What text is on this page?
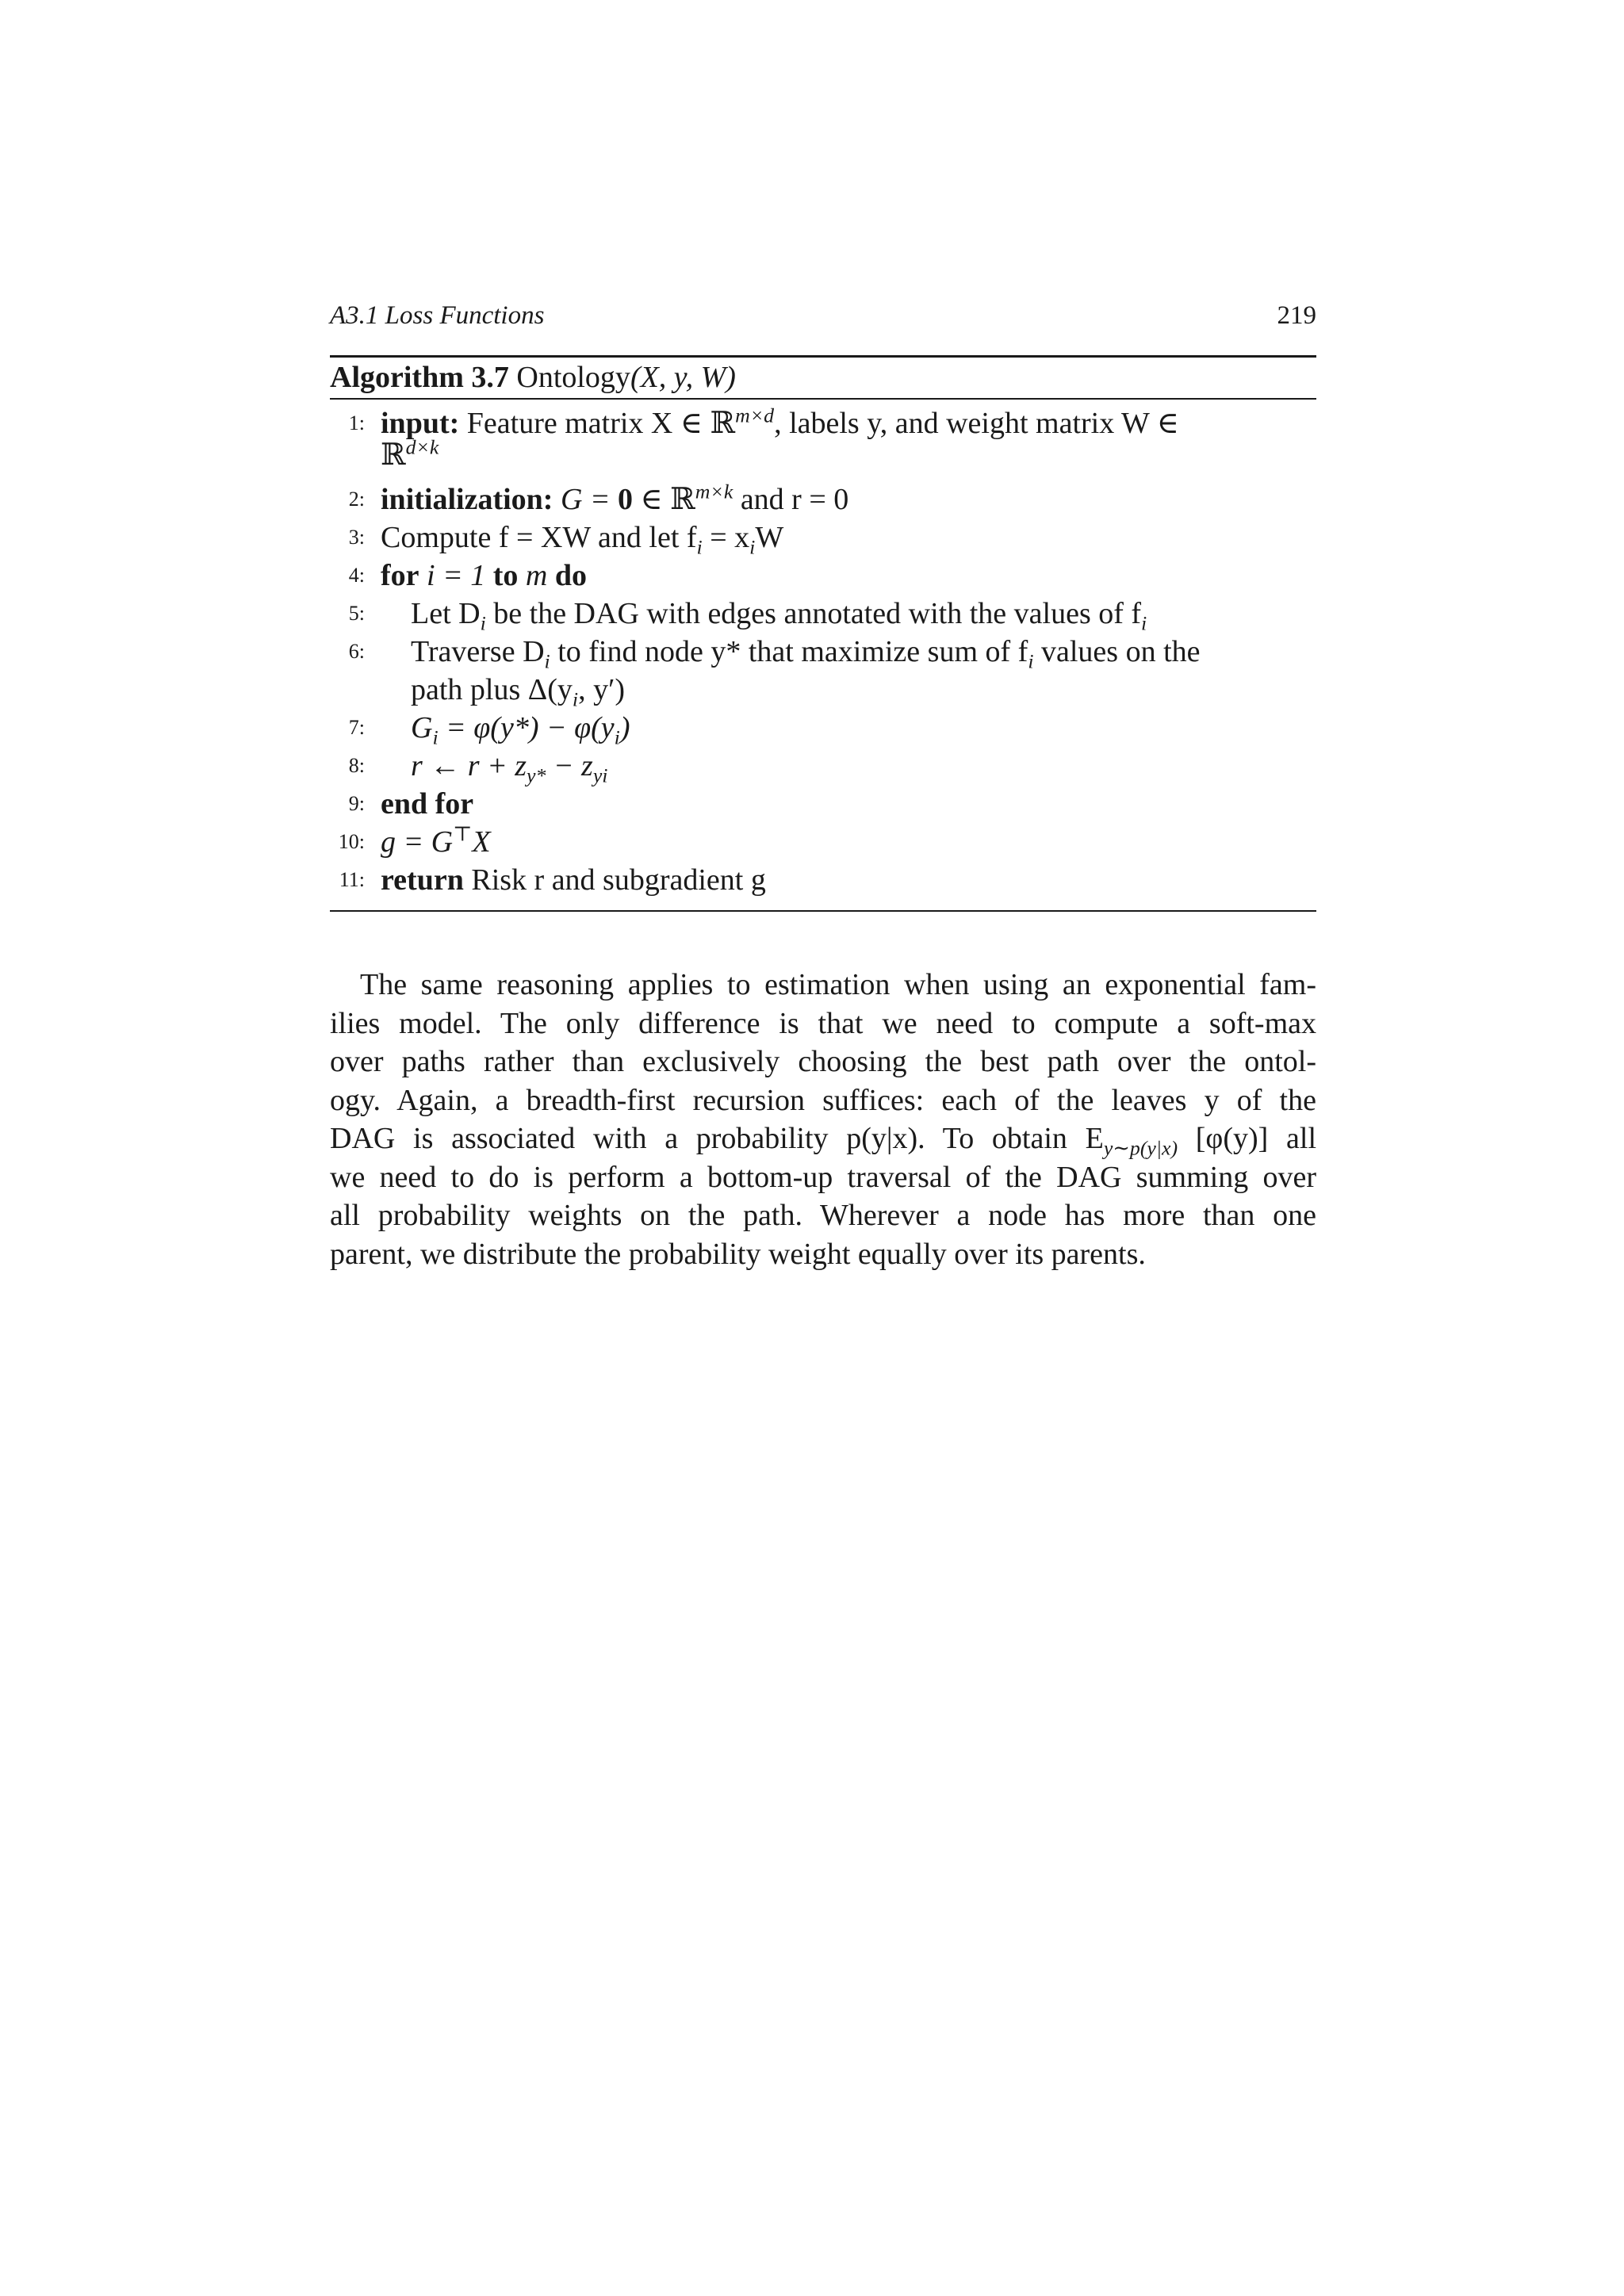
A3.1 Loss Functions	219
Algorithm 3.7 Ontology(X, y, W)
1: input: Feature matrix X ∈ ℝ$^{m\times d}$, labels y, and weight matrix W ∈
ℝ$^{d\times k}$
2: initialization: G = 0 ∈ ℝ$^{m\times k}$ and r = 0
3: Compute f = XW and let $f_i = x_iW$
4: for i = 1 to m do
5: Let $D_i$ be the DAG with edges annotated with the values of $f_i$
6: Traverse $D_i$ to find node y* that maximize sum of $f_i$ values on the
path plus $\Delta(y_i$, y′)
7: $G_i = \varphi(y*) - \varphi(y_i)$
8: r ← $r + z_{y*} - z_{yi}$
9: end for
10: g = G⊤X
11: return Risk r and subgradient g
The same reasoning applies to estimation when using an exponential fam-
ilies model. The only difference is that we need to compute a soft-max
over paths rather than exclusively choosing the best path over the ontol-
ogy. Again, a breadth-first recursion suffices: each of the leaves y of the
DAG is associated with a probability p(y|x). To obtain $E_{y\sim p(y|x)}$ [φ(y)] all
we need to do is perform a bottom-up traversal of the DAG summing over
all probability weights on the path. Wherever a node has more than one
parent, we distribute the probability weight equally over its parents.
